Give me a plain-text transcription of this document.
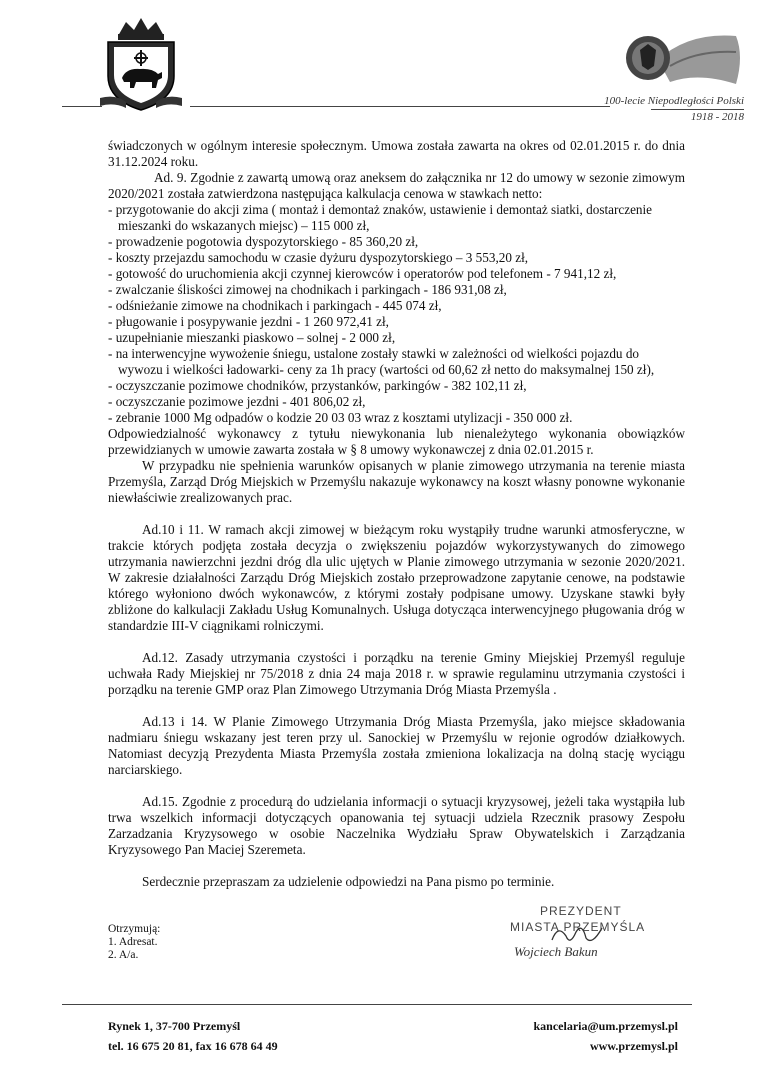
100-lecie Niepodległości Polski
1918 - 2018

świadczonych w ogólnym interesie społecznym. Umowa została zawarta na okres od 02.01.2015 r. do dnia 31.12.2024 roku.

Ad. 9. Zgodnie z zawartą umową oraz aneksem do załącznika nr 12 do umowy w sezonie zimowym 2020/2021 została zatwierdzona następująca kalkulacja cenowa w stawkach netto:

- przygotowanie do akcji zima ( montaż i demontaż znaków, ustawienie i demontaż siatki, dostarczenie mieszanki do wskazanych miejsc) – 115 000 zł,
- prowadzenie pogotowia dyspozytorskiego - 85 360,20 zł,
- koszty przejazdu samochodu w czasie dyżuru dyspozytorskiego – 3 553,20 zł,
- gotowość do uruchomienia akcji czynnej kierowców i operatorów pod telefonem - 7 941,12 zł,
- zwalczanie śliskości zimowej na chodnikach i parkingach - 186 931,08 zł,
- odśnieżanie zimowe na chodnikach i parkingach - 445 074 zł,
- pługowanie i posypywanie jezdni - 1 260 972,41 zł,
- uzupełnianie mieszanki piaskowo – solnej - 2 000 zł,
- na interwencyjne wywożenie śniegu, ustalone zostały stawki w zależności od wielkości pojazdu do wywozu i wielkości ładowarki- ceny za 1h pracy (wartości od 60,62 zł netto do maksymalnej 150 zł),
- oczyszczanie pozimowe chodników, przystanków, parkingów - 382 102,11 zł,
- oczyszczanie pozimowe jezdni - 401 806,02 zł,
- zebranie 1000 Mg odpadów o kodzie 20 03 03 wraz z kosztami utylizacji - 350 000 zł.

Odpowiedzialność wykonawcy z tytułu niewykonania lub nienależytego wykonania obowiązków przewidzianych w umowie zawarta została w § 8 umowy wykonawczej z dnia 02.01.2015 r.

W przypadku nie spełnienia warunków opisanych w planie zimowego utrzymania na terenie miasta Przemyśla, Zarząd Dróg Miejskich w Przemyślu nakazuje wykonawcy na koszt własny ponowne wykonanie niewłaściwie zrealizowanych prac.

Ad.10 i 11. W ramach akcji zimowej w bieżącym roku wystąpiły trudne warunki atmosferyczne, w trakcie których podjęta została decyzja o zwiększeniu pojazdów wykorzystywanych do zimowego utrzymania nawierzchni jezdni dróg dla ulic ujętych w Planie zimowego utrzymania w sezonie 2020/2021. W zakresie działalności Zarządu Dróg Miejskich zostało przeprowadzone zapytanie cenowe, na podstawie którego wyłoniono dwóch wykonawców, z którymi zostały podpisane umowy. Uzyskane stawki były zbliżone do kalkulacji Zakładu Usług Komunalnych. Usługa dotycząca interwencyjnego pługowania dróg w standardzie III-V ciągnikami rolniczymi.

Ad.12. Zasady utrzymania czystości i porządku na terenie Gminy Miejskiej Przemyśl reguluje uchwała Rady Miejskiej nr 75/2018 z dnia 24 maja 2018 r. w sprawie regulaminu utrzymania czystości i porządku na terenie GMP oraz Plan Zimowego Utrzymania Dróg Miasta Przemyśla .

Ad.13 i 14. W Planie Zimowego Utrzymania Dróg Miasta Przemyśla, jako miejsce składowania nadmiaru śniegu wskazany jest teren przy ul. Sanockiej w Przemyślu w rejonie ogrodów działkowych. Natomiast decyzją Prezydenta Miasta Przemyśla została zmieniona lokalizacja na dolną stację wyciągu narciarskiego.

Ad.15. Zgodnie z procedurą do udzielania informacji o sytuacji kryzysowej, jeżeli taka wystąpiła lub trwa wszelkich informacji dotyczących opanowania tej sytuacji udziela Rzecznik prasowy Zespołu Zarzadzania Kryzysowego w osobie Naczelnika Wydziału Spraw Obywatelskich i Zarządzania Kryzysowego Pan Maciej Szeremeta.

Serdecznie przepraszam za udzielenie odpowiedzi na Pana pismo po terminie.

Otrzymują:
1. Adresat.
2. A/a.
PREZYDENT
MIASTA PRZEMYŚLA
Wojciech Bakun
Rynek 1, 37-700 Przemyśl
tel. 16 675 20 81, fax 16 678 64 49
kancelaria@um.przemysl.pl
www.przemysl.pl
